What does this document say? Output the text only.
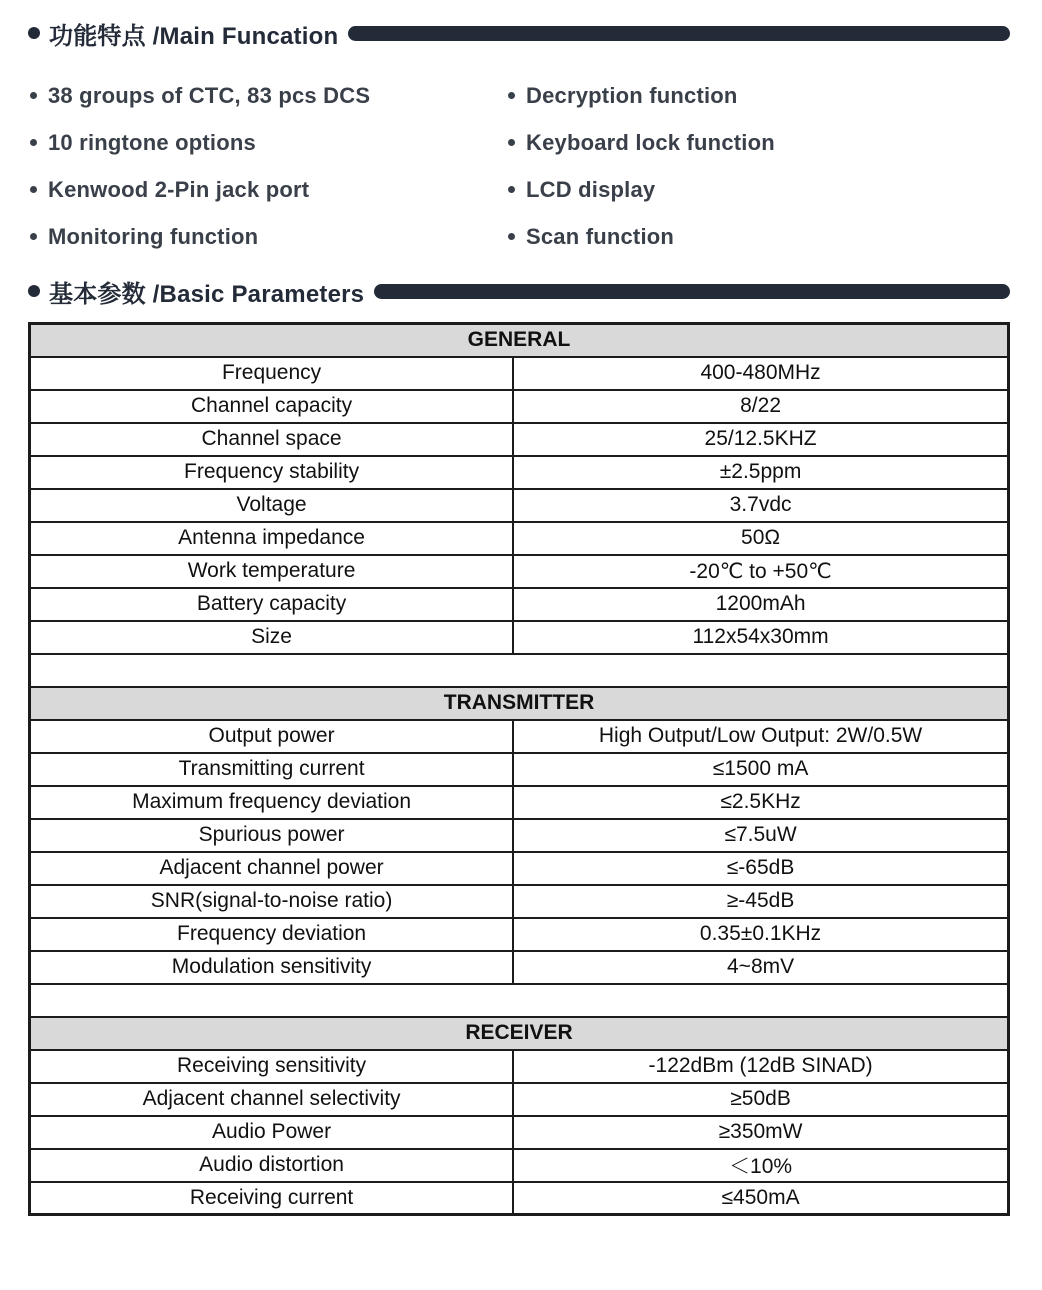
功能特点 /Main Funcation
38 groups of CTC, 83 pcs DCS
10 ringtone options
Kenwood 2-Pin jack port
Monitoring function
Decryption function
Keyboard lock function
LCD display
Scan function
基本参数 /Basic Parameters
GENERAL	
Frequency	400-480MHz
Channel capacity	8/22
Channel space	25/12.5KHZ
Frequency stability	±2.5ppm
Voltage	3.7vdc
Antenna impedance	50Ω
Work temperature	-20℃ to +50℃
Battery capacity	1200mAh
Size	112x54x30mm

TRANSMITTER	
Output power	High Output/Low Output: 2W/0.5W
Transmitting current	≤1500 mA
Maximum frequency deviation	≤2.5KHz
Spurious power	≤7.5uW
Adjacent channel power	≤-65dB
SNR(signal-to-noise ratio)	≥-45dB
Frequency deviation	0.35±0.1KHz
Modulation sensitivity	4~8mV

RECEIVER	
Receiving sensitivity	-122dBm (12dB SINAD)
Adjacent channel selectivity	≥50dB
Audio Power	≥350mW
Audio distortion	＜10%
Receiving current	≤450mA
